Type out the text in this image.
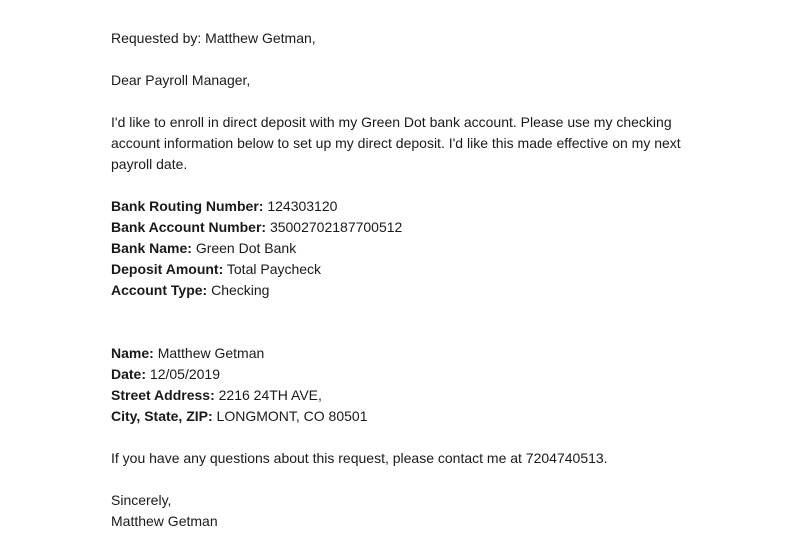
Requested by: Matthew Getman,
Dear Payroll Manager,
I'd like to enroll in direct deposit with my Green Dot bank account. Please use my checking account information below to set up my direct deposit. I'd like this made effective on my next payroll date.
Bank Routing Number: 124303120
Bank Account Number: 35002702187700512
Bank Name: Green Dot Bank
Deposit Amount: Total Paycheck
Account Type: Checking
Name: Matthew Getman
Date: 12/05/2019
Street Address: 2216 24TH AVE,
City, State, ZIP: LONGMONT, CO 80501
If you have any questions about this request, please contact me at 7204740513.
Sincerely,
Matthew Getman
